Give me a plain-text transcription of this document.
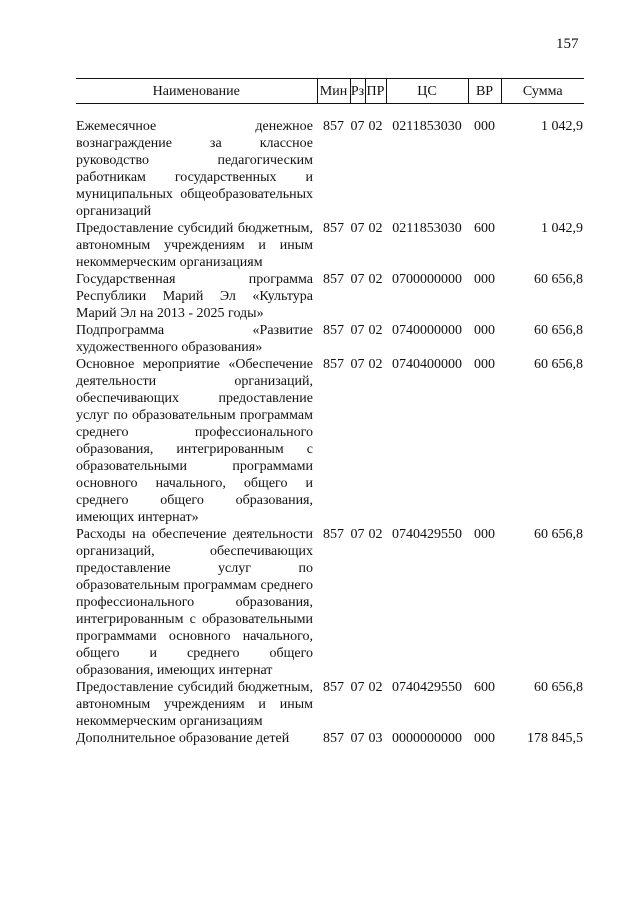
157
Наименование	Мин	Рз	ПР	ЦС	ВР	Сумма

Ежемесячное денежное вознаграждение за классное руководство педагогическим работникам государственных и муниципальных общеобразовательных организаций	857	07	02	0211853030	000	1 042,9
Предоставление субсидий бюджетным, автономным учреждениям и иным некоммерческим организациям	857	07	02	0211853030	600	1 042,9
Государственная программа Республики Марий Эл «Культура Марий Эл на 2013 - 2025 годы»	857	07	02	0700000000	000	60 656,8
Подпрограмма «Развитие художественного образования»	857	07	02	0740000000	000	60 656,8
Основное мероприятие «Обеспечение деятельности организаций, обеспечивающих предоставление услуг по образовательным программам среднего профессионального образования, интегрированным с образовательными программами основного начального, общего и среднего общего образования, имеющих интернат»	857	07	02	0740400000	000	60 656,8
Расходы на обеспечение деятельности организаций, обеспечивающих предоставление услуг по образовательным программам среднего профессионального образования, интегрированным с образовательными программами основного начального, общего и среднего общего образования, имеющих интернат	857	07	02	0740429550	000	60 656,8
Предоставление субсидий бюджетным, автономным учреждениям и иным некоммерческим организациям	857	07	02	0740429550	600	60 656,8
Дополнительное образование детей	857	07	03	0000000000	000	178 845,5
